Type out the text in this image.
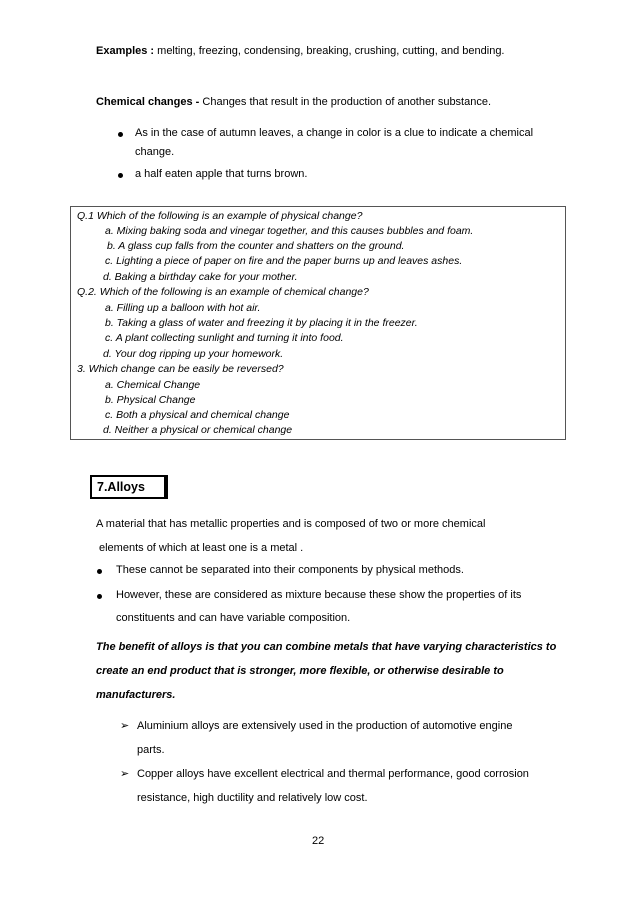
Examples : melting, freezing, condensing, breaking, crushing, cutting, and bending.
Chemical changes - Changes that result in the production of another substance.
As in the case of autumn leaves, a change in color is a clue to indicate a chemical
change.
a half eaten apple that turns brown.
Q.1 Which of the following is an example of physical change?
a. Mixing baking soda and vinegar together, and this causes bubbles and foam.
b. A glass cup falls from the counter and shatters on the ground.
c. Lighting a piece of paper on fire and the paper burns up and leaves ashes.
d. Baking a birthday cake for your mother.
Q.2. Which of the following is an example of chemical change?
a. Filling up a balloon with hot air.
b. Taking a glass of water and freezing it by placing it in the freezer.
c. A plant collecting sunlight and turning it into food.
d. Your dog ripping up your homework.
3. Which change can be easily be reversed?
a. Chemical Change
b. Physical Change
c. Both a physical and chemical change
d. Neither a physical or chemical change
7.Alloys
A material that has metallic properties and is composed of two or more chemical
elements of which at least one is a metal .
These cannot be separated into their components by physical methods.
However, these are considered as mixture because these show the properties of its
constituents and can have variable composition.
The benefit of alloys is that you can combine metals that have varying characteristics to
create an end product that is stronger, more flexible, or otherwise desirable to
manufacturers.
➢ Aluminium alloys are extensively used in the production of automotive engine
parts.
➢ Copper alloys have excellent electrical and thermal performance, good corrosion
resistance, high ductility and relatively low cost.
22
